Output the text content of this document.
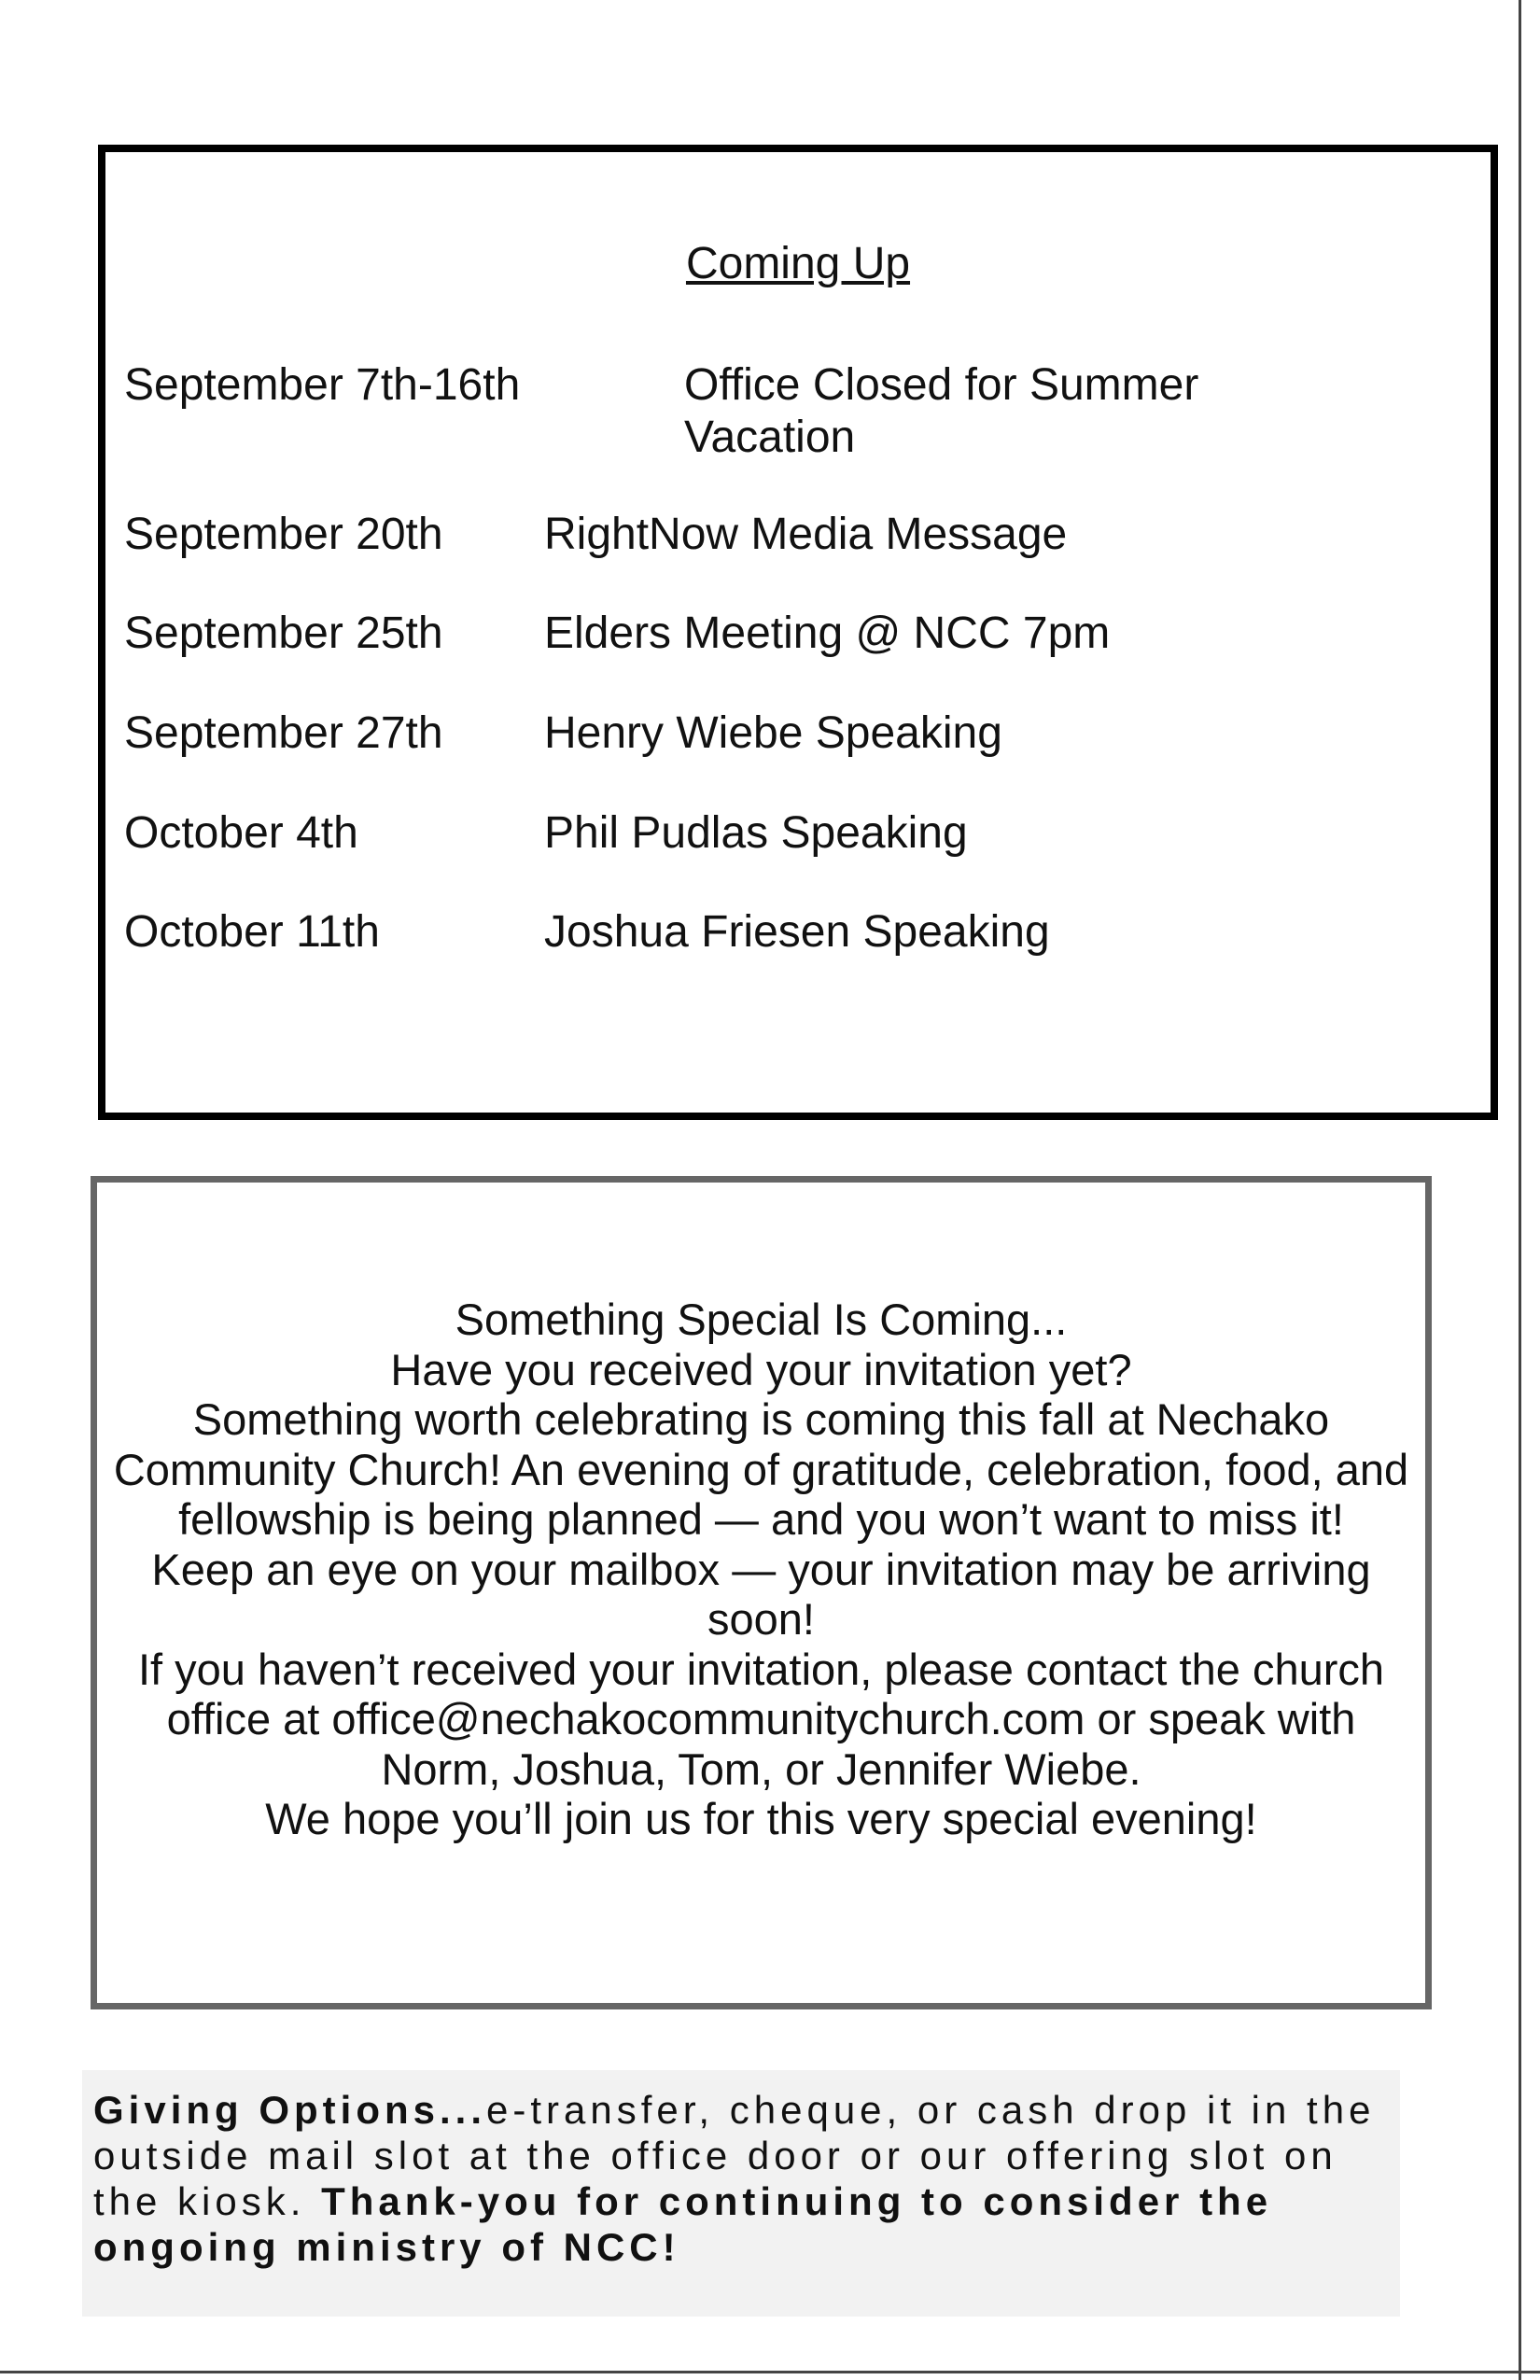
Coming Up
September 7th-16th	Office Closed for Summer
Vacation
September 20th RightNow Media Message
September 25th Elders Meeting @ NCC 7pm
September 27th Henry Wiebe Speaking
October 4th	Phil Pudlas Speaking
October 11th	Joshua Friesen Speaking

Something Special Is Coming...

Have you received your invitation yet?

Something worth celebrating is coming this fall at Nechako Community Church! An evening of gratitude, celebration, food, and fellowship is being planned — and you won’t want to miss it!

Keep an eye on your mailbox — your invitation may be arriving soon!

If you haven’t received your invitation, please contact the church office at office@nechakocommunitychurch.com or speak with Norm, Joshua, Tom, or Jennifer Wiebe.

We hope you’ll join us for this very special evening!

Giving Options...e-transfer, cheque, or cash drop it in the outside mail slot at the office door or our offering slot on the kiosk. Thank-you for continuing to consider the ongoing ministry of NCC!
